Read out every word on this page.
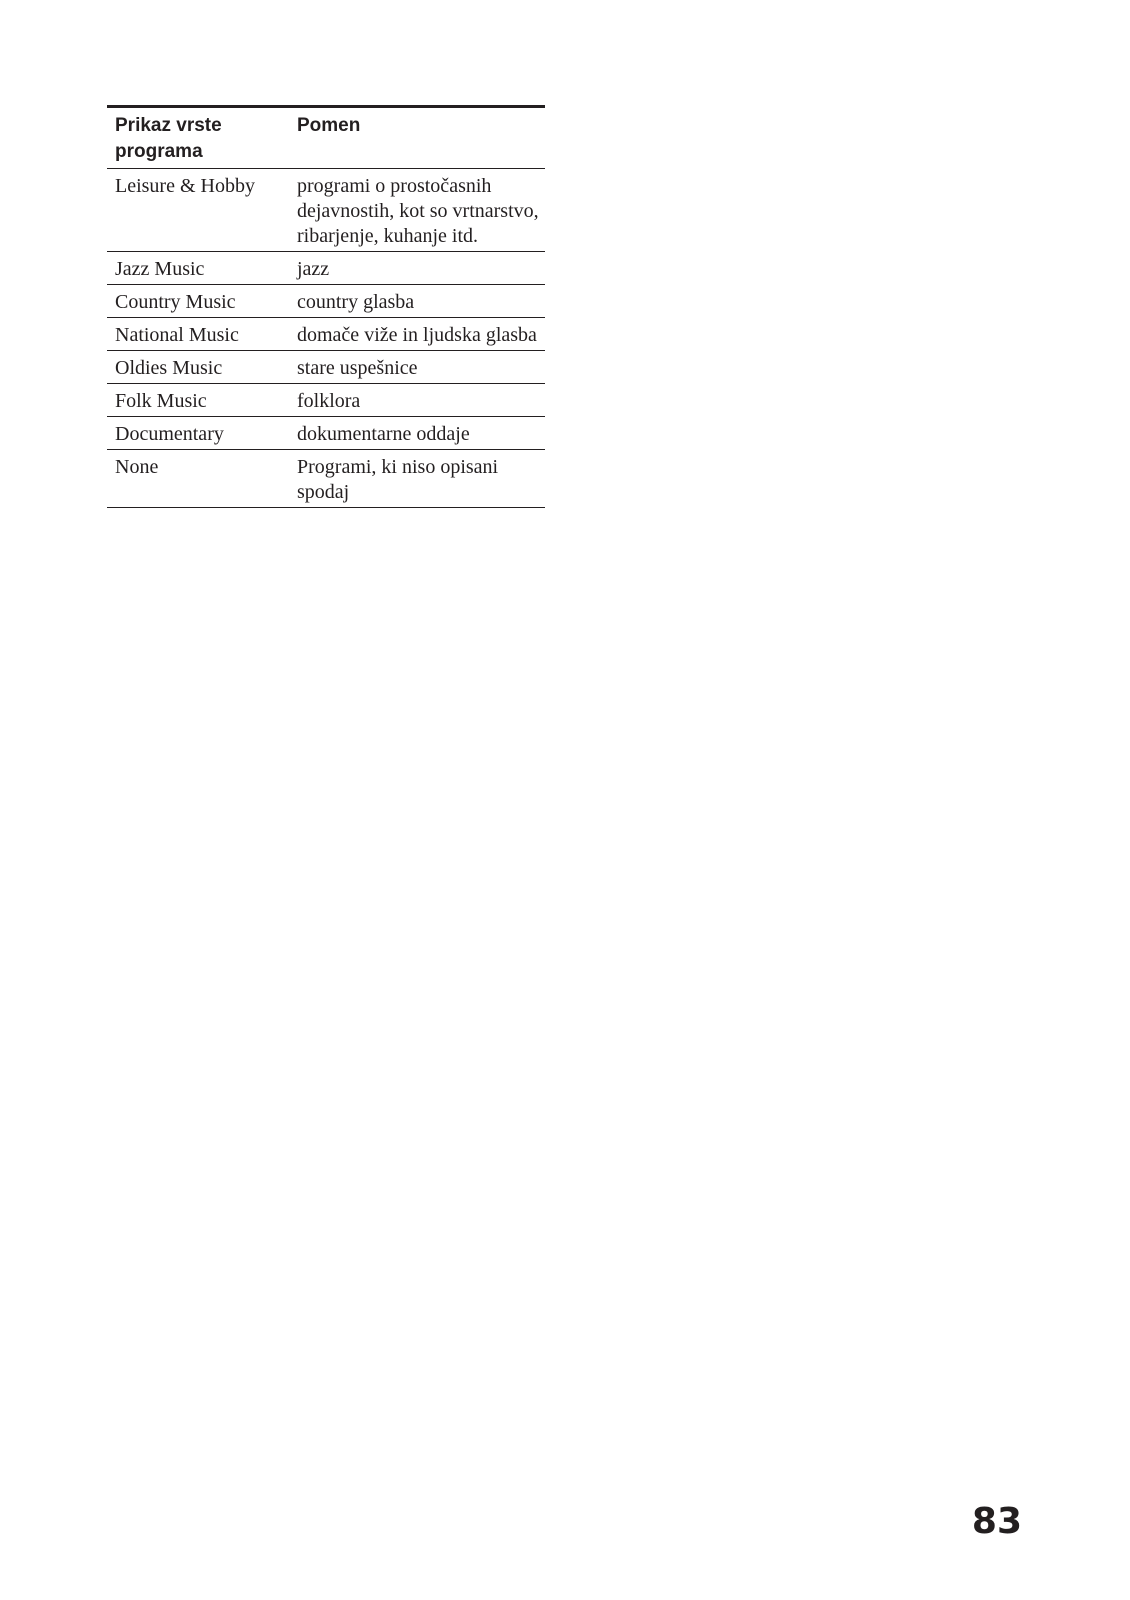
Prikaz vrste programa	Pomen
Leisure & Hobby	programi o prostočasnih dejavnostih, kot so vrtnarstvo, ribarjenje, kuhanje itd.
Jazz Music	jazz
Country Music	country glasba
National Music	domače viže in ljudska glasba
Oldies Music	stare uspešnice
Folk Music	folklora
Documentary	dokumentarne oddaje
None	Programi, ki niso opisani spodaj
83
